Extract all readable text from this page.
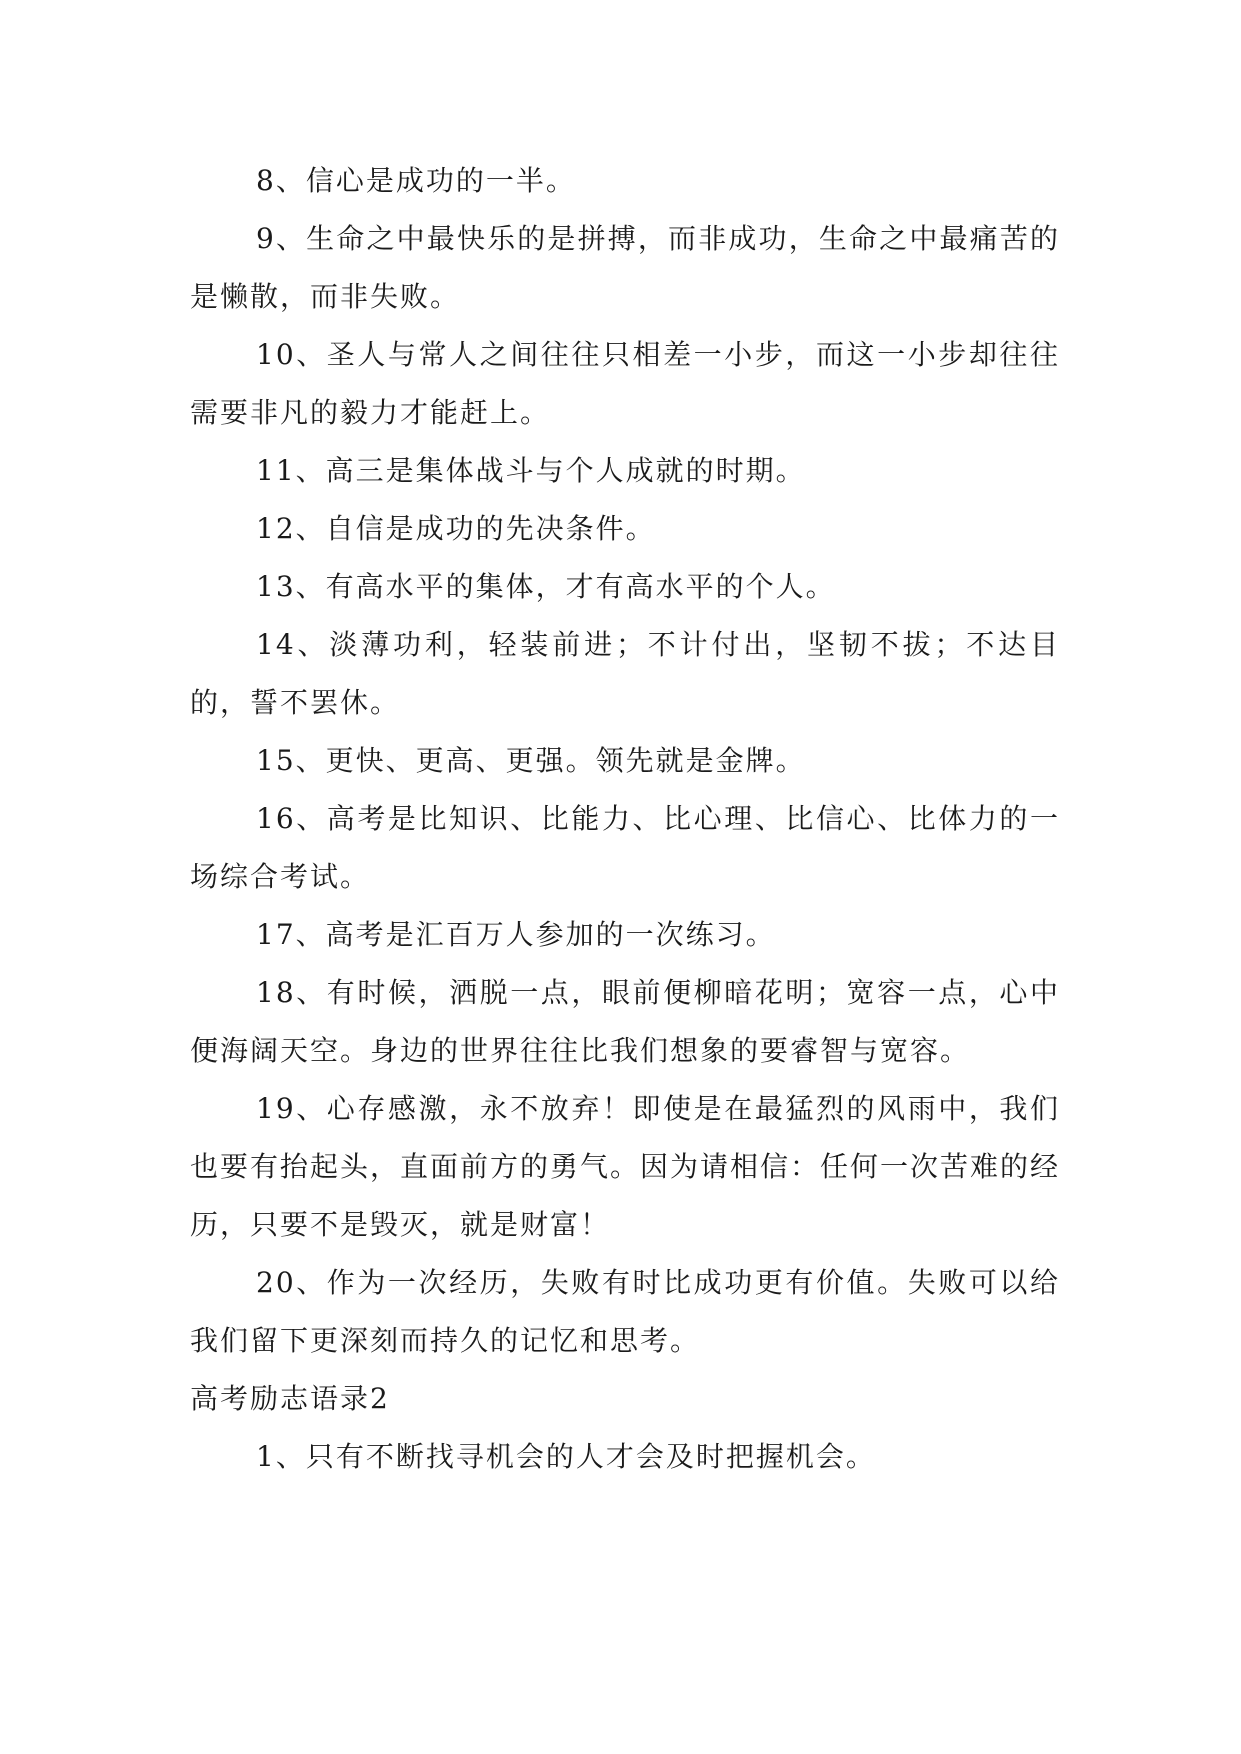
8、信心是成功的一半。

9、生命之中最快乐的是拼搏，而非成功，生命之中最痛苦的是懒散，而非失败。

10、圣人与常人之间往往只相差一小步，而这一小步却往往需要非凡的毅力才能赶上。

11、高三是集体战斗与个人成就的时期。

12、自信是成功的先决条件。

13、有高水平的集体，才有高水平的个人。

14、淡薄功利，轻装前进；不计付出，坚韧不拔；不达目的，誓不罢休。

15、更快、更高、更强。领先就是金牌。

16、高考是比知识、比能力、比心理、比信心、比体力的一场综合考试。

17、高考是汇百万人参加的一次练习。

18、有时候，洒脱一点，眼前便柳暗花明；宽容一点，心中便海阔天空。身边的世界往往比我们想象的要睿智与宽容。

19、心存感激，永不放弃！即使是在最猛烈的风雨中，我们也要有抬起头，直面前方的勇气。因为请相信：任何一次苦难的经历，只要不是毁灭，就是财富！

20、作为一次经历，失败有时比成功更有价值。失败可以给我们留下更深刻而持久的记忆和思考。

高考励志语录2

1、只有不断找寻机会的人才会及时把握机会。
